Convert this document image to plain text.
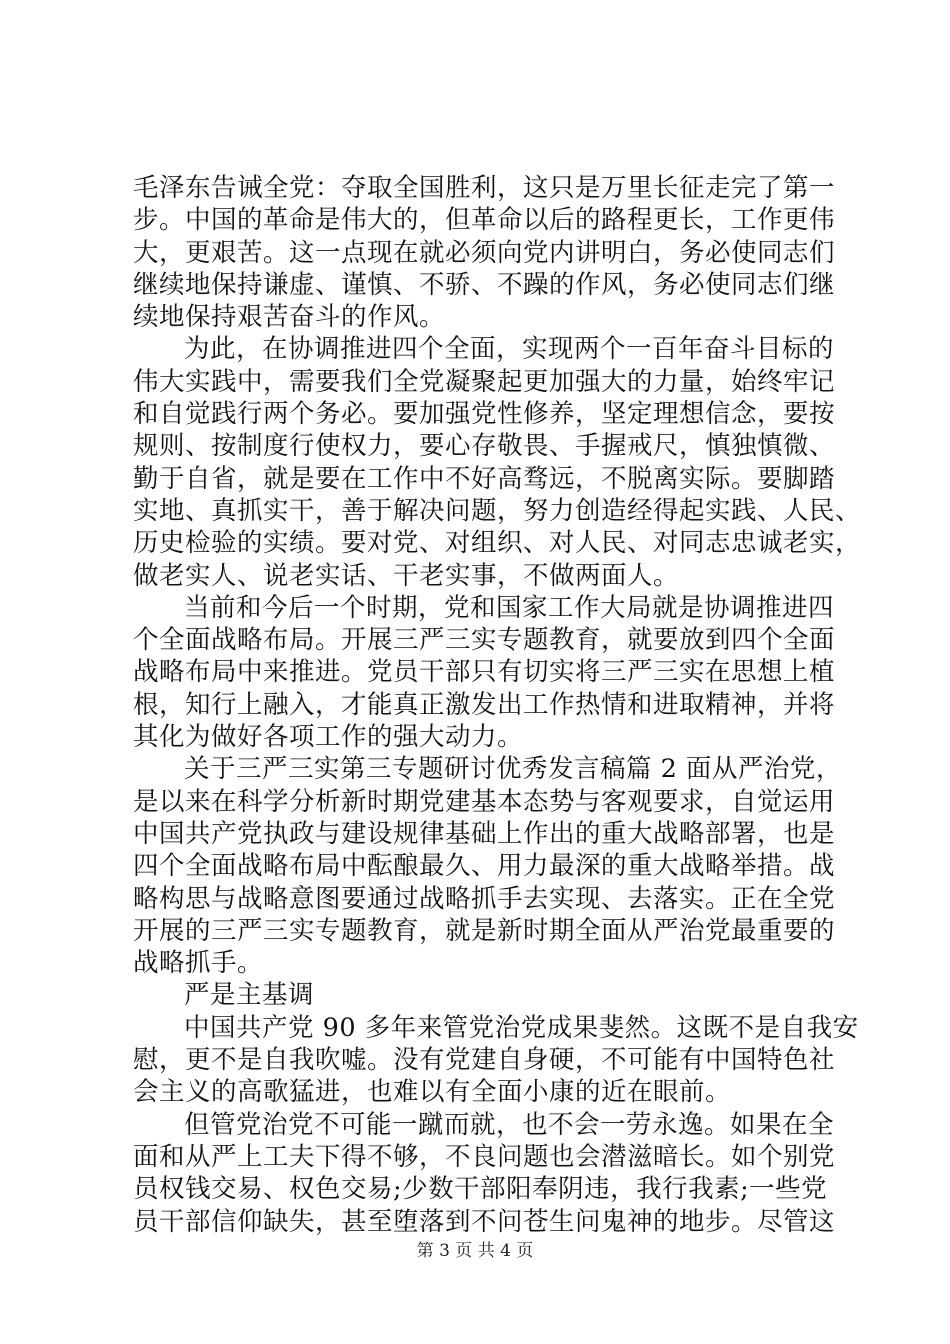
毛泽东告诫全党：夺取全国胜利，这只是万里长征走完了第一
步。中国的革命是伟大的，但革命以后的路程更长，工作更伟
大，更艰苦。这一点现在就必须向党内讲明白，务必使同志们
继续地保持谦虚、谨慎、不骄、不躁的作风，务必使同志们继
续地保持艰苦奋斗的作风。
为此，在协调推进四个全面，实现两个一百年奋斗目标的
伟大实践中，需要我们全党凝聚起更加强大的力量，始终牢记
和自觉践行两个务必。要加强党性修养，坚定理想信念，要按
规则、按制度行使权力，要心存敬畏、手握戒尺，慎独慎微、
勤于自省，就是要在工作中不好高骛远，不脱离实际。要脚踏
实地、真抓实干，善于解决问题，努力创造经得起实践、人民、
历史检验的实绩。要对党、对组织、对人民、对同志忠诚老实，
做老实人、说老实话、干老实事，不做两面人。
当前和今后一个时期，党和国家工作大局就是协调推进四
个全面战略布局。开展三严三实专题教育，就要放到四个全面
战略布局中来推进。党员干部只有切实将三严三实在思想上植
根，知行上融入，才能真正激发出工作热情和进取精神，并将
其化为做好各项工作的强大动力。
关于三严三实第三专题研讨优秀发言稿篇 2 面从严治党，
是以来在科学分析新时期党建基本态势与客观要求，自觉运用
中国共产党执政与建设规律基础上作出的重大战略部署，也是
四个全面战略布局中酝酿最久、用力最深的重大战略举措。战
略构思与战略意图要通过战略抓手去实现、去落实。正在全党
开展的三严三实专题教育，就是新时期全面从严治党最重要的
战略抓手。
严是主基调
中国共产党 90 多年来管党治党成果斐然。这既不是自我安
慰，更不是自我吹嘘。没有党建自身硬，不可能有中国特色社
会主义的高歌猛进，也难以有全面小康的近在眼前。
但管党治党不可能一蹴而就，也不会一劳永逸。如果在全
面和从严上工夫下得不够，不良问题也会潜滋暗长。如个别党
员权钱交易、权色交易;少数干部阳奉阴违，我行我素;一些党
员干部信仰缺失，甚至堕落到不问苍生问鬼神的地步。尽管这
第 3 页 共 4 页
